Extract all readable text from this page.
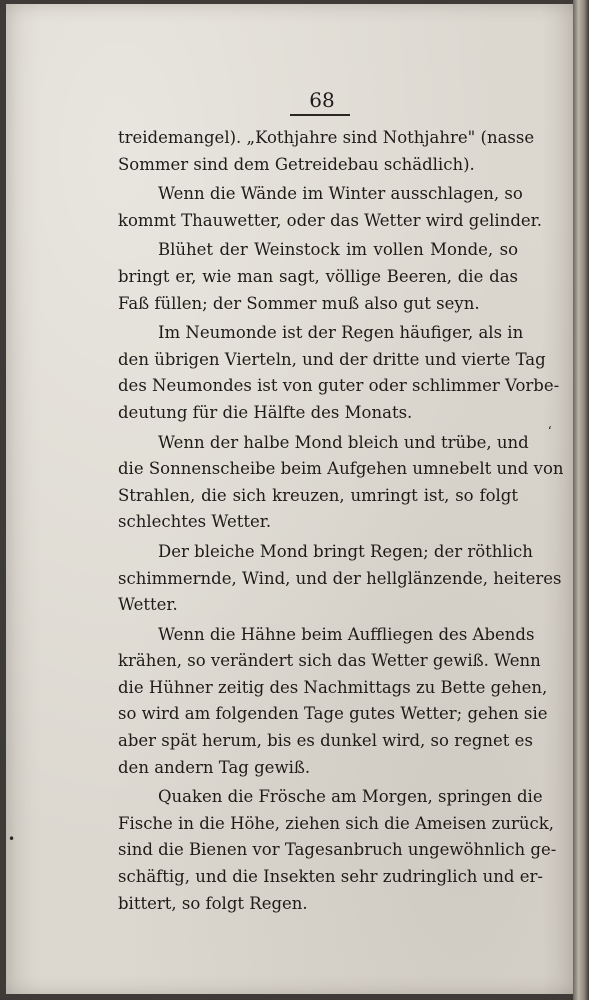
68
treidemangel). „Kothjahre sind Nothjahre" (nasse
Sommer sind dem Getreidebau schädlich).
Wenn die Wände im Winter ausschlagen, so
kommt Thauwetter, oder das Wetter wird gelinder.
Blühet der Weinstock im vollen Monde, so
bringt er, wie man sagt, völlige Beeren, die das
Faß füllen; der Sommer muß also gut seyn.
Im Neumonde ist der Regen häufiger, als in
den übrigen Vierteln, und der dritte und vierte Tag
des Neumondes ist von guter oder schlimmer Vorbe-
deutung für die Hälfte des Monats.
Wenn der halbe Mond bleich und trübe, und
die Sonnenscheibe beim Aufgehen umnebelt und von
Strahlen, die sich kreuzen, umringt ist, so folgt
schlechtes Wetter.
Der bleiche Mond bringt Regen; der röthlich
schimmernde, Wind, und der hellglänzende, heiteres
Wetter.
Wenn die Hähne beim Auffliegen des Abends
krähen, so verändert sich das Wetter gewiß. Wenn
die Hühner zeitig des Nachmittags zu Bette gehen,
so wird am folgenden Tage gutes Wetter; gehen sie
aber spät herum, bis es dunkel wird, so regnet es
den andern Tag gewiß.
Quaken die Frösche am Morgen, springen die
Fische in die Höhe, ziehen sich die Ameisen zurück,
sind die Bienen vor Tagesanbruch ungewöhnlich ge-
schäftig, und die Insekten sehr zudringlich und er-
bittert, so folgt Regen.
•
‘
